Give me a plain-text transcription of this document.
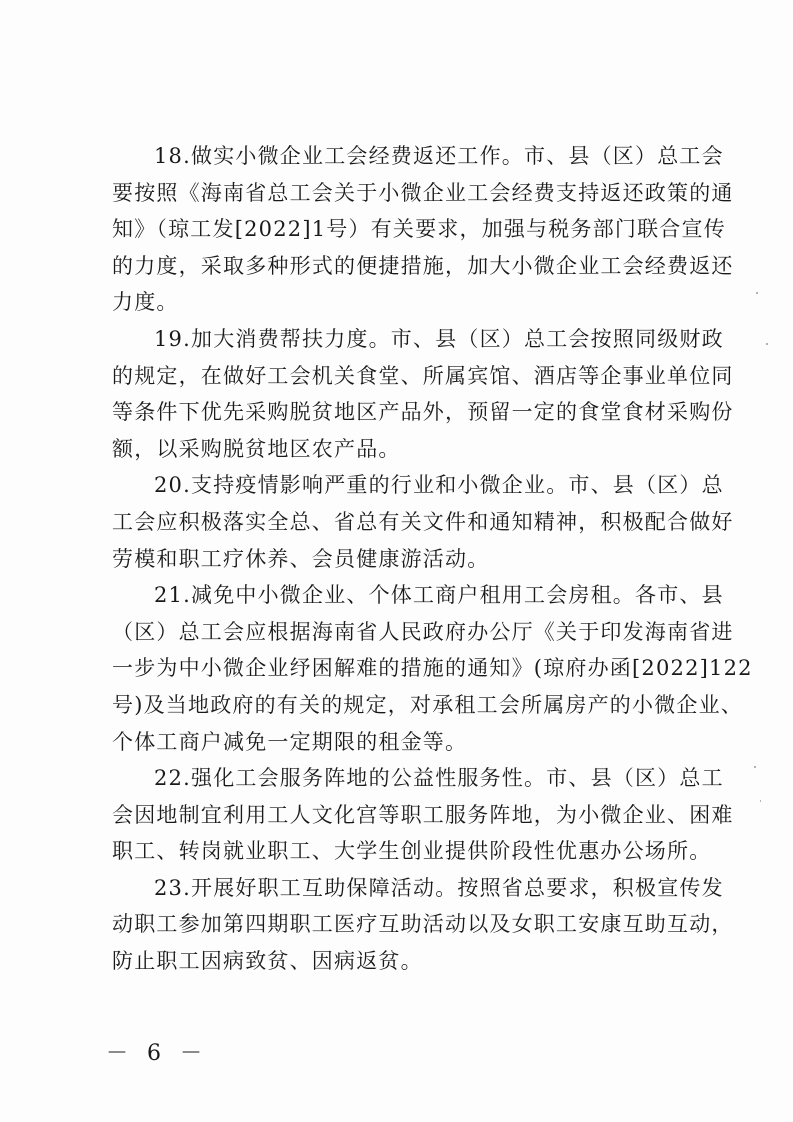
18.做实小微企业工会经费返还工作。市、县（区）总工会
要按照《海南省总工会关于小微企业工会经费支持返还政策的通
知》（琼工发[2022]1号）有关要求，加强与税务部门联合宣传
的力度，采取多种形式的便捷措施，加大小微企业工会经费返还
力度。

19.加大消费帮扶力度。市、县（区）总工会按照同级财政
的规定，在做好工会机关食堂、所属宾馆、酒店等企事业单位同
等条件下优先采购脱贫地区产品外，预留一定的食堂食材采购份
额，以采购脱贫地区农产品。

20.支持疫情影响严重的行业和小微企业。市、县（区）总
工会应积极落实全总、省总有关文件和通知精神，积极配合做好
劳模和职工疗休养、会员健康游活动。

21.减免中小微企业、个体工商户租用工会房租。各市、县
（区）总工会应根据海南省人民政府办公厅《关于印发海南省进
一步为中小微企业纾困解难的措施的通知》(琼府办函[2022]122
号)及当地政府的有关的规定，对承租工会所属房产的小微企业、
个体工商户减免一定期限的租金等。

22.强化工会服务阵地的公益性服务性。市、县（区）总工
会因地制宜利用工人文化宫等职工服务阵地，为小微企业、困难
职工、转岗就业职工、大学生创业提供阶段性优惠办公场所。

23.开展好职工互助保障活动。按照省总要求，积极宣传发
动职工参加第四期职工医疗互助活动以及女职工安康互助互动，
防止职工因病致贫、因病返贫。

－ 6 －
